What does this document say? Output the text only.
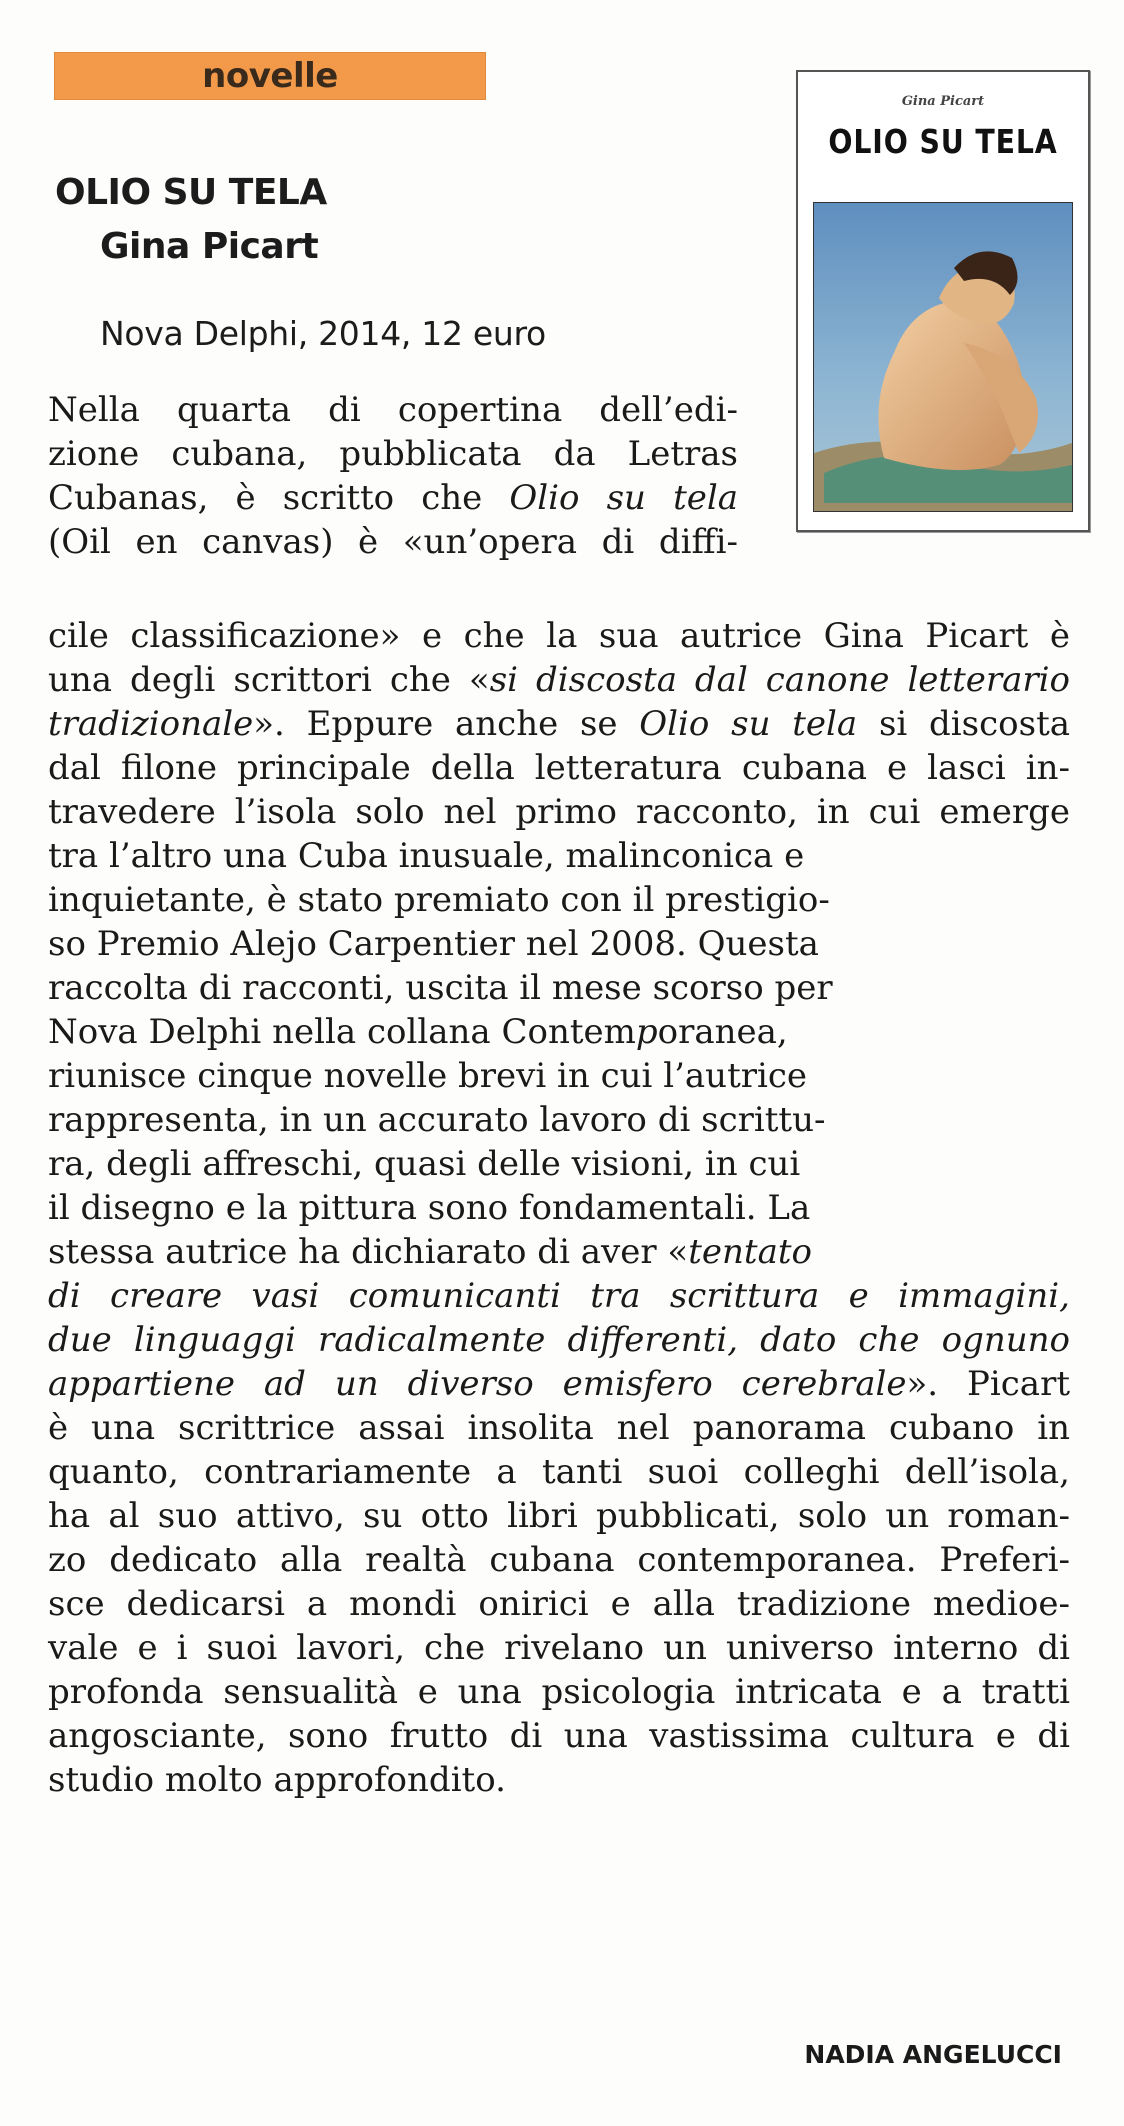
novelle
OLIO SU TELA
Gina Picart
Nova Delphi, 2014, 12 euro
Gina Picart
OLIO SU TELA
Nella quarta di copertina dell’edi-
zione cubana, pubblicata da Letras
Cubanas, è scritto che Olio su tela
(Oil en canvas) è «un’opera di diffi-
cile classificazione» e che la sua autrice Gina Picart è
una degli scrittori che «si discosta dal canone letterario
tradizionale». Eppure anche se Olio su tela si discosta
dal filone principale della letteratura cubana e lasci in-
travedere l’isola solo nel primo racconto, in cui emerge
tra l’altro una Cuba inusuale, malinconica e
inquietante, è stato premiato con il prestigio-
so Premio Alejo Carpentier nel 2008. Questa
raccolta di racconti, uscita il mese scorso per
Nova Delphi nella collana Contemporanea,
riunisce cinque novelle brevi in cui l’autrice
rappresenta, in un accurato lavoro di scrittu-
ra, degli affreschi, quasi delle visioni, in cui
il disegno e la pittura sono fondamentali. La
stessa autrice ha dichiarato di aver «tentato
di creare vasi comunicanti tra scrittura e immagini,
due linguaggi radicalmente differenti, dato che ognuno
appartiene ad un diverso emisfero cerebrale». Picart
è una scrittrice assai insolita nel panorama cubano in
quanto, contrariamente a tanti suoi colleghi dell’isola,
ha al suo attivo, su otto libri pubblicati, solo un roman-
zo dedicato alla realtà cubana contemporanea. Preferi-
sce dedicarsi a mondi onirici e alla tradizione medioe-
vale e i suoi lavori, che rivelano un universo interno di
profonda sensualità e una psicologia intricata e a tratti
angosciante, sono frutto di una vastissima cultura e di
studio molto approfondito.
NADIA ANGELUCCI
